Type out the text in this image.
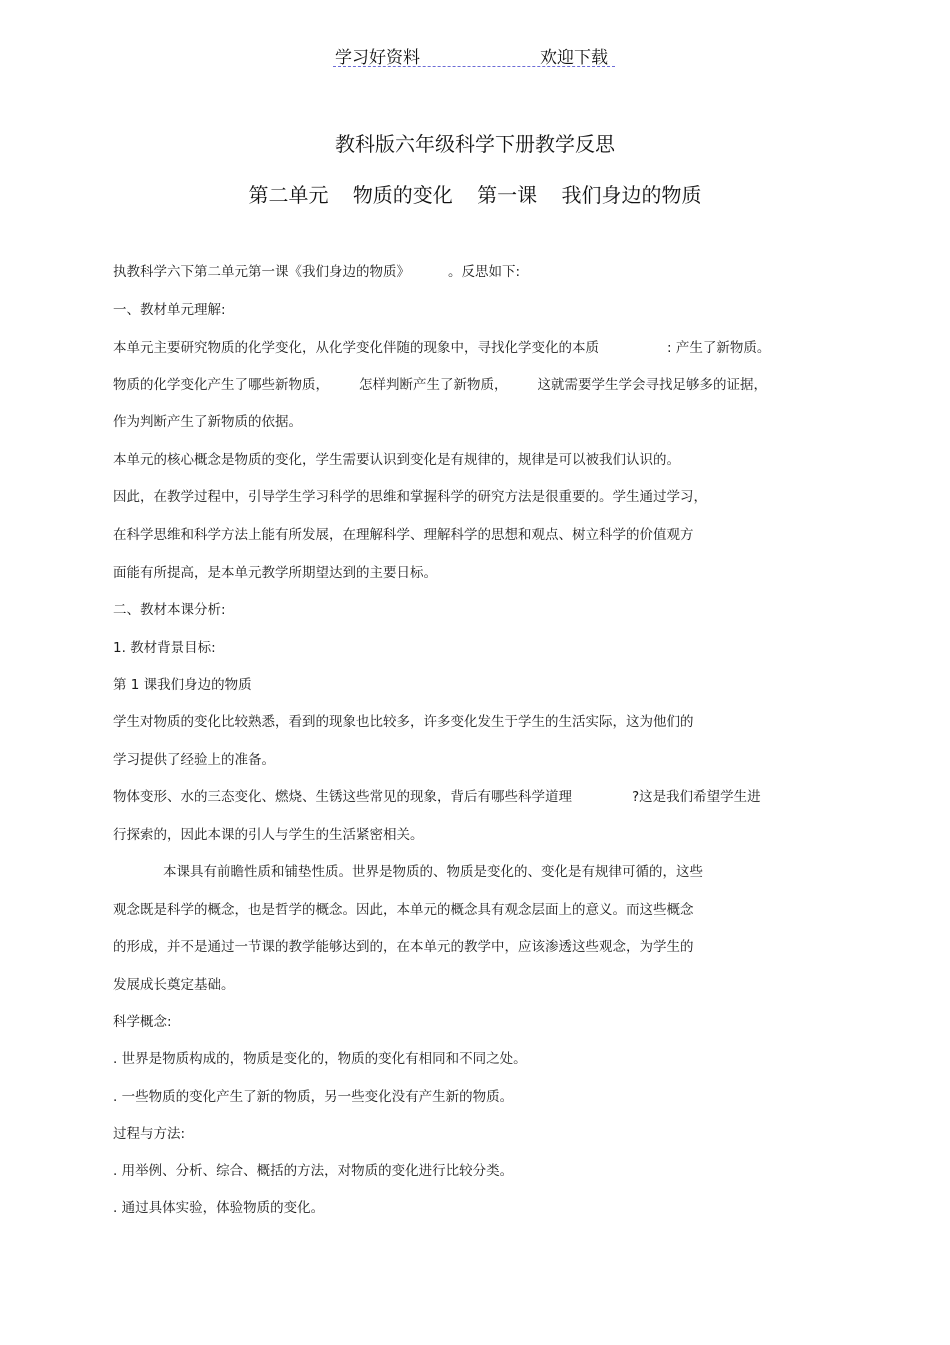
学习好资料	欢迎下载
教科版六年级科学下册教学反思
第二单元 物质的变化 第一课 我们身边的物质
执教科学六下第二单元第一课《我们身边的物质》	。反思如下:
一、教材单元理解:
本单元主要研究物质的化学变化，从化学变化伴随的现象中，寻找化学变化的本质	: 产生了新物质。
物质的化学变化产生了哪些新物质， 怎样判断产生了新物质， 这就需要学生学会寻找足够多的证据，
作为判断产生了新物质的依据。
本单元的核心概念是物质的变化，学生需要认识到变化是有规律的，规律是可以被我们认识的。
因此，在教学过程中，引导学生学习科学的思维和掌握科学的研究方法是很重要的。学生通过学习，
在科学思维和科学方法上能有所发展，在理解科学、理解科学的思想和观点、树立科学的价值观方
面能有所提高，是本单元教学所期望达到的主要日标。
二、教材本课分析:
1. 教材背景目标:
第 1 课我们身边的物质
学生对物质的变化比较熟悉，看到的现象也比较多，许多变化发生于学生的生活实际，这为他们的
学习提供了经验上的准备。
物体变形、水的三态变化、燃烧、生锈这些常见的现象，背后有哪些科学道理	?这是我们希望学生进
行探索的，因此本课的引人与学生的生活紧密相关。
本课具有前瞻性质和铺垫性质。世界是物质的、物质是变化的、变化是有规律可循的，这些
观念既是科学的概念，也是哲学的概念。因此，本单元的概念具有观念层面上的意义。而这些概念
的形成，并不是通过一节课的教学能够达到的，在本单元的教学中，应该渗透这些观念，为学生的
发展成长奠定基础。
科学概念:
. 世界是物质构成的，物质是变化的，物质的变化有相同和不同之处。
. 一些物质的变化产生了新的物质，另一些变化没有产生新的物质。
过程与方法:
. 用举例、分析、综合、概括的方法，对物质的变化进行比较分类。
. 通过具体实验，体验物质的变化。
